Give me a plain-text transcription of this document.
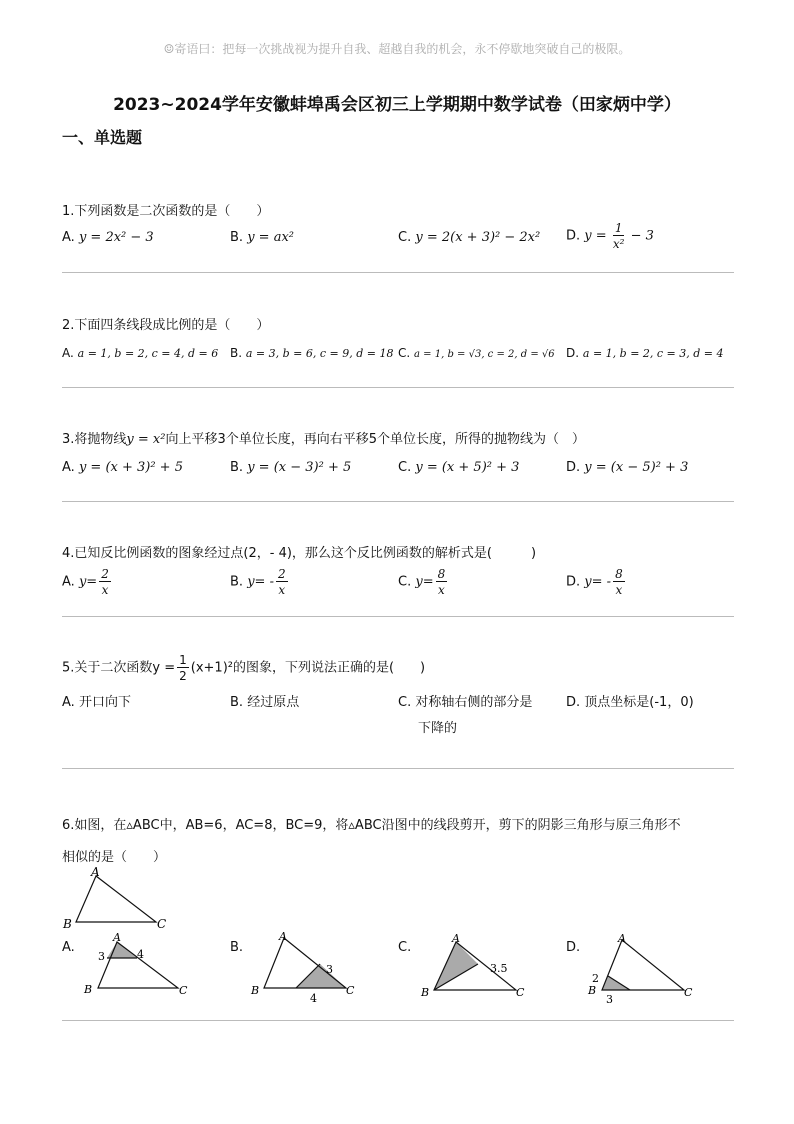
☺寄语曰：把每一次挑战视为提升自我、超越自我的机会，永不停歇地突破自己的极限。
2023~2024学年安徽蚌埠禹会区初三上学期期中数学试卷（田家炳中学）
一、单选题
1.下列函数是二次函数的是（　　）
A. y = 2x² − 3	B. y = ax²	C. y = 2(x + 3)² − 2x² D. $y = \frac{1}{\text{x²}} - 3$
2.下面四条线段成比例的是（　　）
A. a = 1, b = 2, c = 4, d = 6 B. a = 3, b = 6, c = 9, d = 18 C. a = 1, b = √3, c = 2, d = √6 D. a = 1, b = 2, c = 3, d = 4
3.将抛物线y = x²向上平移3个单位长度，再向右平移5个单位长度，所得的抛物线为（　）
A. y = (x + 3)² + 5	B. y = (x − 3)² + 5	C. y = (x + 5)² + 3	D. y = (x − 5)² + 3
4.已知反比例函数的图象经过点(2，- 4)，那么这个反比例函数的解析式是(　　　)
A. $y= \frac{2}{x}$	B. $y= - \frac{2}{x}$	C. $y= \frac{8}{x}$	D. $y= - \frac{8}{x}$
5.关于二次函数$y = \frac{1}{2} (x+1)^2$的图象，下列说法正确的是(　　)
A. 开口向下	B. 经过原点	C. 对称轴右侧的部分是
下降的
D. 顶点坐标是(-1，0)
6.如图，在▵ABC中，AB=6，AC=8，BC=9，将▵ABC沿图中的线段剪开，剪下的阴影三角形与原三角形不
相似的是（　　）
A
B	C
A.
A
B	C
3	4	B.
A
B	C
3
4
C.
A
B	C
3.5
D.
A
B	C
2
3
